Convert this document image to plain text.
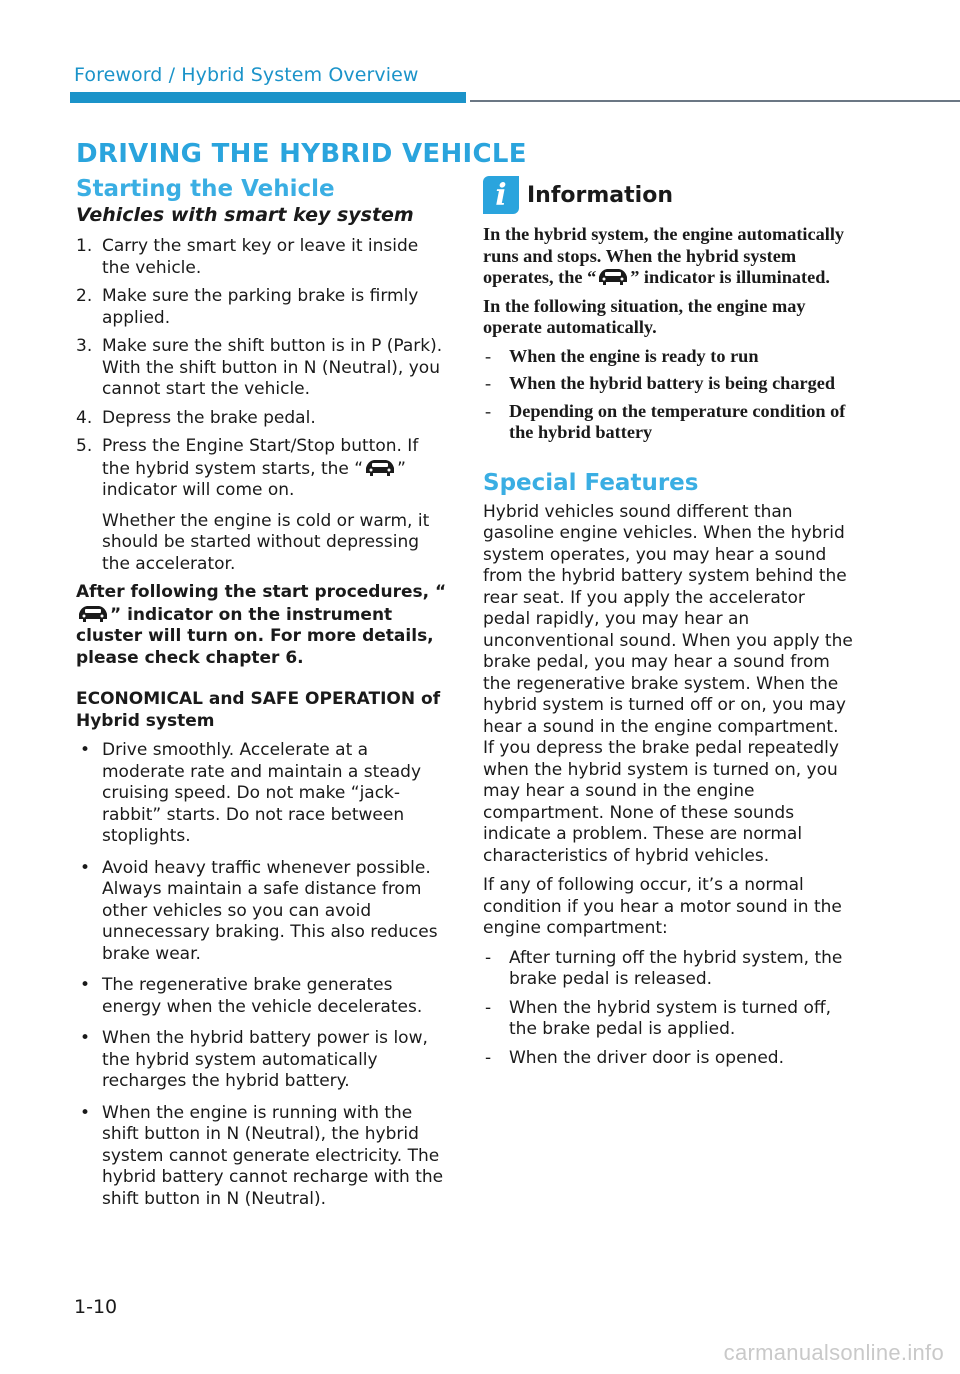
Foreword / Hybrid System Overview
DRIVING THE HYBRID VEHICLE
Starting the Vehicle
Vehicles with smart key system
1. Carry the smart key or leave it inside the vehicle.

2. Make sure the parking brake is firmly applied.

3. Make sure the shift button is in P (Park). With the shift button in N (Neutral), you cannot start the vehicle.

4. Depress the brake pedal.

5. Press the Engine Start/Stop button. If the hybrid system starts, the “ ” indicator will come on.

Whether the engine is cold or warm, it should be started without depressing the accelerator.

After following the start procedures, “” indicator on the instrument cluster will turn on. For more details, please check chapter 6.

ECONOMICAL and SAFE OPERATION of Hybrid system

• Drive smoothly. Accelerate at a moderate rate and maintain a steady cruising speed. Do not make “jack-rabbit” starts. Do not race between stoplights.
• Avoid heavy traffic whenever possible. Always maintain a safe distance from other vehicles so you can avoid unnecessary braking. This also reduces brake wear.
• The regenerative brake generates energy when the vehicle decelerates.
• When the hybrid battery power is low, the hybrid system automatically recharges the hybrid battery.
• When the engine is running with the shift button in N (Neutral), the hybrid system cannot generate electricity. The hybrid battery cannot recharge with the shift button in N (Neutral).
i Information

In the hybrid system, the engine automatically runs and stops. When the hybrid system operates, the “ ” indicator is illuminated.

In the following situation, the engine may operate automatically.

- When the engine is ready to run
- When the hybrid battery is being charged
- Depending on the temperature condition of the hybrid battery
Special Features

Hybrid vehicles sound different than gasoline engine vehicles. When the hybrid system operates, you may hear a sound from the hybrid battery system behind the rear seat. If you apply the accelerator pedal rapidly, you may hear an unconventional sound. When you apply the brake pedal, you may hear a sound from the regenerative brake system. When the hybrid system is turned off or on, you may hear a sound in the engine compartment. If you depress the brake pedal repeatedly when the hybrid system is turned on, you may hear a sound in the engine compartment. None of these sounds indicate a problem. These are normal characteristics of hybrid vehicles.

If any of following occur, it’s a normal condition if you hear a motor sound in the engine compartment:

- After turning off the hybrid system, the brake pedal is released.
- When the hybrid system is turned off, the brake pedal is applied.
- When the driver door is opened.
1-10
carmanualsonline.info
